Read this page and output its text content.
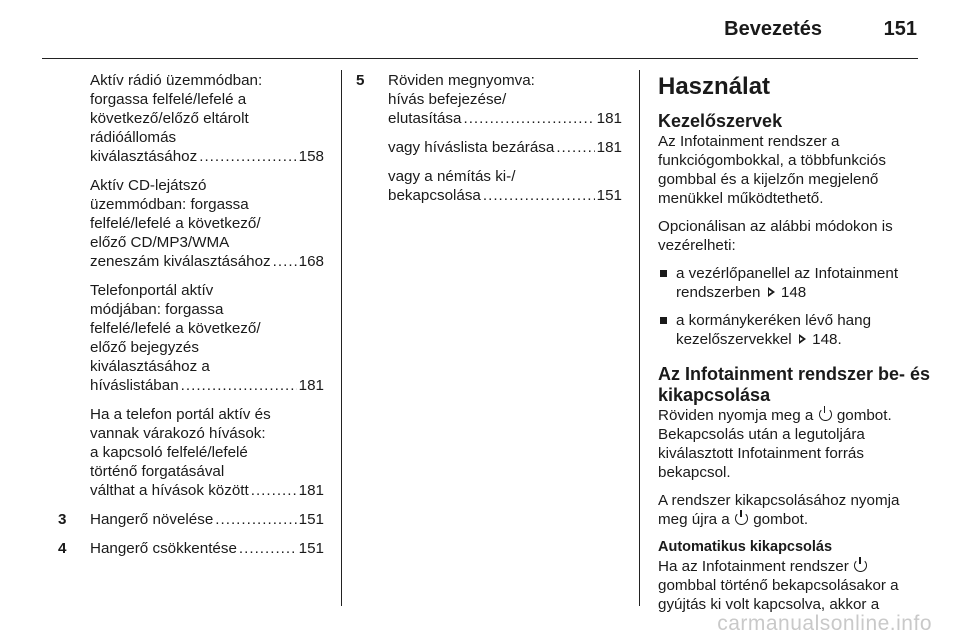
Bevezetés	151
Aktív rádió üzemmódban:
forgassa felfelé/lefelé a
következő/előző eltárolt
rádióállomás
kiválasztásához .....	158
Aktív CD-lejátszó
üzemmódban: forgassa
felfelé/lefelé a következő/
előző CD/MP3/WMA
zeneszám kiválasztásához ..... 168
Telefonportál aktív
módjában: forgassa
felfelé/lefelé a következő/
előző bejegyzés
kiválasztásához a
híváslistában .....	181
Ha a telefon portál aktív és
vannak várakozó hívások:
a kapcsoló felfelé/lefelé
történő forgatásával
válthat a hívások között .....	181
3 Hangerő növelése .....	151
4 Hangerő csökkentése .....	151
5 Röviden megnyomva:
hívás befejezése/
elutasítása .....	181
vagy híváslista bezárása .....	181
vagy a némítás ki-/
bekapcsolása .....	151
Használat
Kezelőszervek
Az Infotainment rendszer a
funkciógombokkal, a többfunkciós
gombbal és a kijelzőn megjelenő
menükkel működtethető.
Opcionálisan az alábbi módokon is
vezérelheti:
a vezérlőpanellel az Infotainment
rendszerben 148
a kormánykeréken lévő hang
kezelőszervekkel 148.
Az Infotainment rendszer be- és
kikapcsolása
Röviden nyomja meg a gombot.
Bekapcsolás után a legutoljára
kiválasztott Infotainment forrás
bekapcsol.
A rendszer kikapcsolásához nyomja
meg újra a gombot.
Automatikus kikapcsolás
Ha az Infotainment rendszer
gombbal történő bekapcsolásakor a
gyújtás ki volt kapcsolva, akkor a
carmanualsonline.info
